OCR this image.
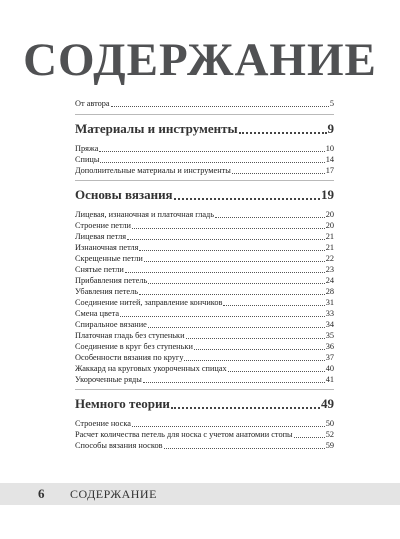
СОДЕРЖАНИЕ
От автора	5
Материалы и инструменты	9
Пряжа	10
Спицы	14
Дополнительные материалы и инструменты	17
Основы вязания	19
Лицевая, изнаночная и платочная гладь	20
Строение петли	20
Лицевая петля	21
Изнаночная петля	21
Скрещенные петли	22
Снятые петли	23
Прибавления петель	24
Убавления петель	28
Соединение нитей, заправление кончиков	31
Смена цвета	33
Спиральное вязание	34
Платочная гладь без ступеньки	35
Соединение в круг без ступеньки	36
Особенности вязания по кругу	37
Жаккард на круговых укороченных спицах	40
Укороченные ряды	41
Немного теории	49
Строение носка	50
Расчет количества петель для носка с учетом анатомии стопы	52
Способы вязания носков	59
6 СОДЕРЖАНИЕ
